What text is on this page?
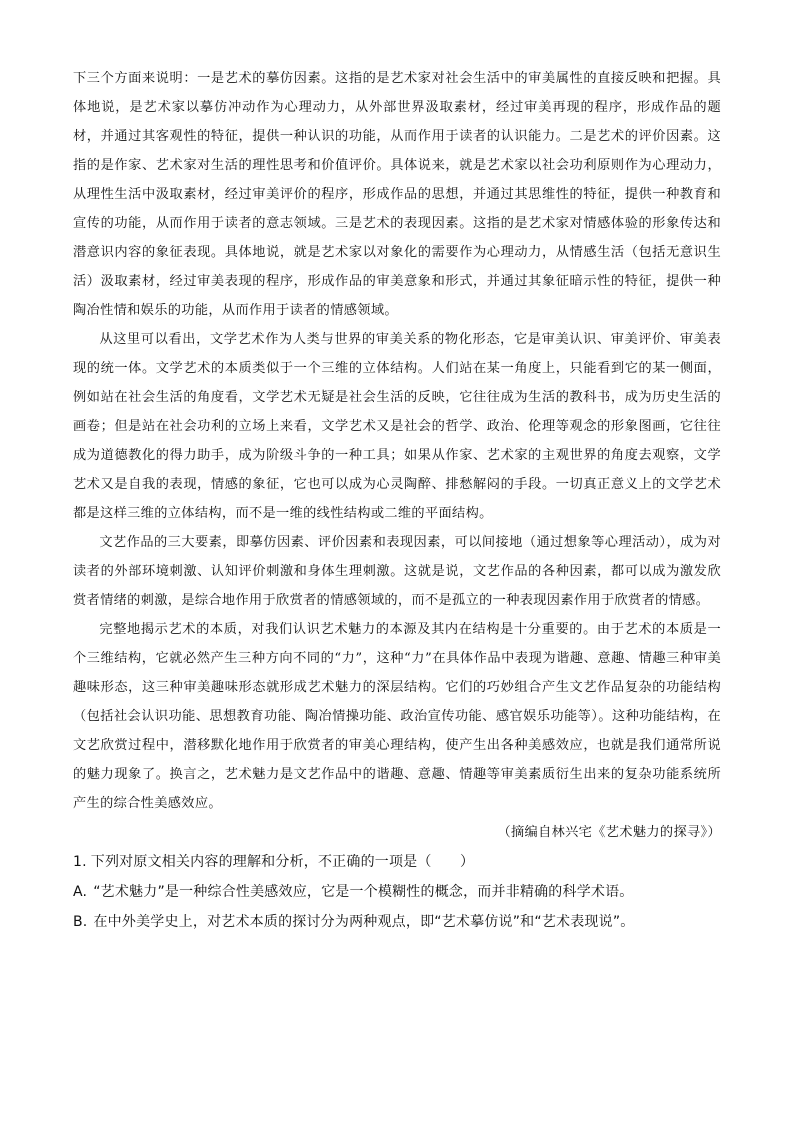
下三个方面来说明：一是艺术的摹仿因素。这指的是艺术家对社会生活中的审美属性的直接反映和把握。具体地说，是艺术家以摹仿冲动作为心理动力，从外部世界汲取素材，经过审美再现的程序，形成作品的题材，并通过其客观性的特征，提供一种认识的功能，从而作用于读者的认识能力。二是艺术的评价因素。这指的是作家、艺术家对生活的理性思考和价值评价。具体说来，就是艺术家以社会功利原则作为心理动力，从理性生活中汲取素材，经过审美评价的程序，形成作品的思想，并通过其思维性的特征，提供一种教育和宣传的功能，从而作用于读者的意志领域。三是艺术的表现因素。这指的是艺术家对情感体验的形象传达和潜意识内容的象征表现。具体地说，就是艺术家以对象化的需要作为心理动力，从情感生活（包括无意识生活）汲取素材，经过审美表现的程序，形成作品的审美意象和形式，并通过其象征暗示性的特征，提供一种陶冶性情和娱乐的功能，从而作用于读者的情感领域。

从这里可以看出，文学艺术作为人类与世界的审美关系的物化形态，它是审美认识、审美评价、审美表现的统一体。文学艺术的本质类似于一个三维的立体结构。人们站在某一角度上，只能看到它的某一侧面，例如站在社会生活的角度看，文学艺术无疑是社会生活的反映，它往往成为生活的教科书，成为历史生活的画卷；但是站在社会功利的立场上来看，文学艺术又是社会的哲学、政治、伦理等观念的形象图画，它往往成为道德教化的得力助手，成为阶级斗争的一种工具；如果从作家、艺术家的主观世界的角度去观察，文学艺术又是自我的表现，情感的象征，它也可以成为心灵陶醉、排愁解闷的手段。一切真正意义上的文学艺术都是这样三维的立体结构，而不是一维的线性结构或二维的平面结构。

文艺作品的三大要素，即摹仿因素、评价因素和表现因素，可以间接地（通过想象等心理活动），成为对读者的外部环境刺激、认知评价刺激和身体生理刺激。这就是说，文艺作品的各种因素，都可以成为激发欣赏者情绪的刺激，是综合地作用于欣赏者的情感领域的，而不是孤立的一种表现因素作用于欣赏者的情感。

完整地揭示艺术的本质，对我们认识艺术魅力的本源及其内在结构是十分重要的。由于艺术的本质是一个三维结构，它就必然产生三种方向不同的“力”，这种“力”在具体作品中表现为谐趣、意趣、情趣三种审美趣味形态，这三种审美趣味形态就形成艺术魅力的深层结构。它们的巧妙组合产生文艺作品复杂的功能结构（包括社会认识功能、思想教育功能、陶冶情操功能、政治宣传功能、感官娱乐功能等）。这种功能结构，在文艺欣赏过程中，潜移默化地作用于欣赏者的审美心理结构，使产生出各种美感效应，也就是我们通常所说的魅力现象了。换言之，艺术魅力是文艺作品中的谐趣、意趣、情趣等审美素质衍生出来的复杂功能系统所产生的综合性美感效应。

（摘编自林兴宅《艺术魅力的探寻》）

1. 下列对原文相关内容的理解和分析，不正确的一项是（　　）

A. “艺术魅力”是一种综合性美感效应，它是一个模糊性的概念，而并非精确的科学术语。

B. 在中外美学史上，对艺术本质的探讨分为两种观点，即“艺术摹仿说”和“艺术表现说”。
